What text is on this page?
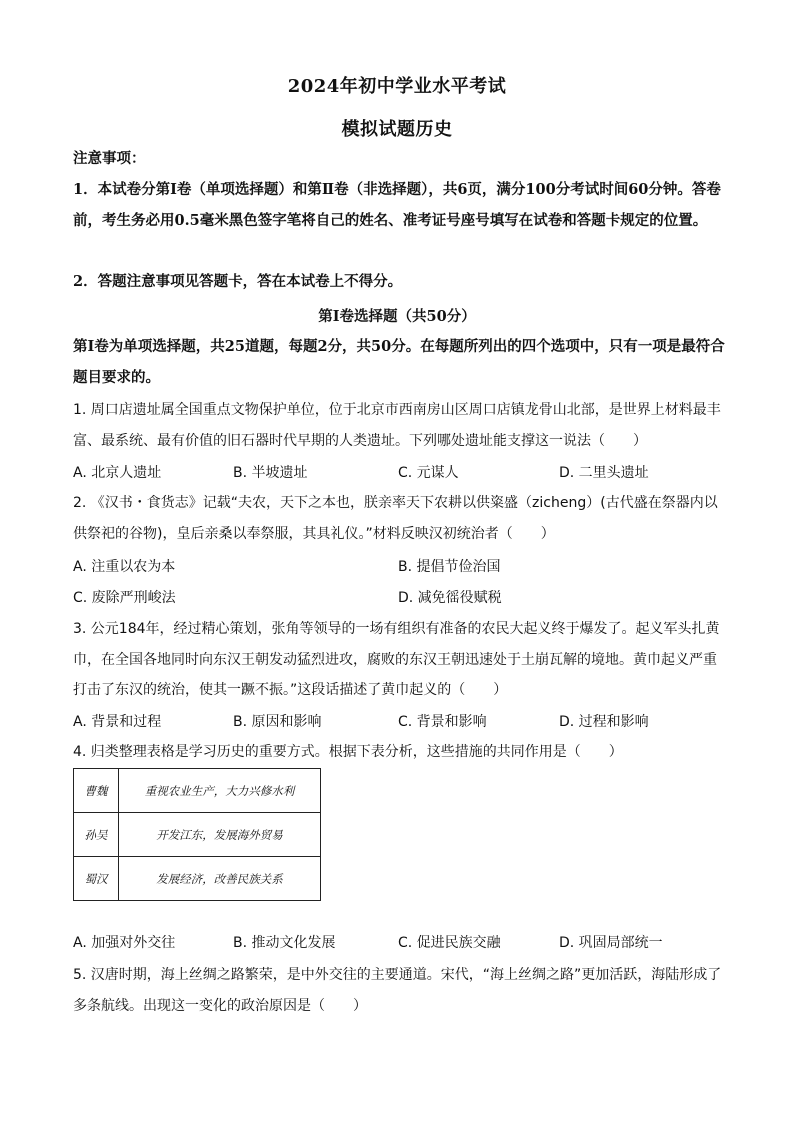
2024年初中学业水平考试
模拟试题历史
注意事项：
1．本试卷分第Ⅰ卷（单项选择题）和第Ⅱ卷（非选择题），共6页，满分100分考试时间60分钟。答卷前，考生务必用0.5毫米黑色签字笔将自己的姓名、准考证号座号填写在试卷和答题卡规定的位置。
2．答题注意事项见答题卡，答在本试卷上不得分。
第Ⅰ卷选择题（共50分）
第Ⅰ卷为单项选择题，共25道题，每题2分，共50分。在每题所列出的四个选项中，只有一项是最符合题目要求的。
1. 周口店遗址属全国重点文物保护单位，位于北京市西南房山区周口店镇龙骨山北部，是世界上材料最丰富、最系统、最有价值的旧石器时代早期的人类遗址。下列哪处遗址能支撑这一说法（　　）
A. 北京人遗址	B. 半坡遗址	C. 元谋人	D. 二里头遗址
2. 《汉书・食货志》记载“夫农，天下之本也，朕亲率天下农耕以供粢盛（zicheng）(古代盛在祭器内以供祭祀的谷物)，皇后亲桑以奉祭服，其具礼仪。”材料反映汉初统治者（　　）
A. 注重以农为本	B. 提倡节俭治国
C. 废除严刑峻法	D. 减免徭役赋税
3. 公元184年，经过精心策划，张角等领导的一场有组织有准备的农民大起义终于爆发了。起义军头扎黄巾，在全国各地同时向东汉王朝发动猛烈进攻，腐败的东汉王朝迅速处于土崩瓦解的境地。黄巾起义严重打击了东汉的统治，使其一蹶不振。”这段话描述了黄巾起义的（　　）
A. 背景和过程	B. 原因和影响	C. 背景和影响	D. 过程和影响
4. 归类整理表格是学习历史的重要方式。根据下表分析，这些措施的共同作用是（　　）
曹魏	重视农业生产，大力兴修水利
孙吴	开发江东，发展海外贸易
蜀汉	发展经济，改善民族关系
A. 加强对外交往	B. 推动文化发展	C. 促进民族交融	D. 巩固局部统一
5. 汉唐时期，海上丝绸之路繁荣，是中外交往的主要通道。宋代，“海上丝绸之路”更加活跃，海陆形成了多条航线。出现这一变化的政治原因是（　　）
